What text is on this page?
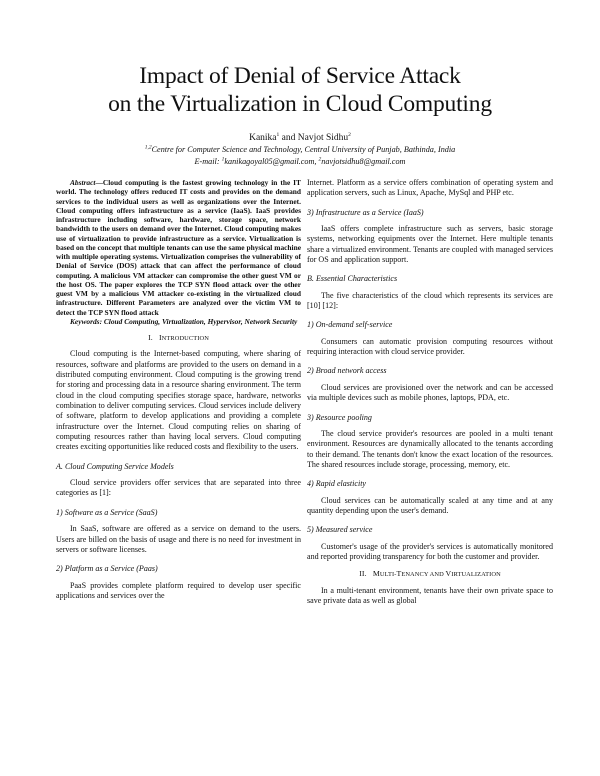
Impact of Denial of Service Attack
on the Virtualization in Cloud Computing
Kanika$^1$ and Navjot Sidhu$^2$
$^{1,2}$Centre for Computer Science and Technology, Central University of Punjab, Bathinda, India
E-mail: $^1$kanikagoyal05@gmail.com, $^2$navjotsidhu8@gmail.com

Abstract—Cloud computing is the fastest growing technology in the IT world. The technology offers reduced IT costs and provides on the demand services to the individual users as well as organizations over the Internet. Cloud computing offers infrastructure as a service (IaaS). IaaS provides infrastructure including software, hardware, storage space, network bandwidth to the users on demand over the Internet. Cloud computing makes use of virtualization to provide infrastructure as a service. Virtualization is based on the concept that multiple tenants can use the same physical machine with multiple operating systems. Virtualization comprises the vulnerability of Denial of Service (DOS) attack that can affect the performance of cloud computing. A malicious VM attacker can compromise the other guest VM or the host OS. The paper explores the TCP SYN flood attack over the other guest VM by a malicious VM attacker co-existing in the virtualized cloud infrastructure. Different Parameters are analyzed over the victim VM to detect the TCP SYN flood attack

Keywords: Cloud Computing, Virtualization, Hypervisor, Network Security

I. INTRODUCTION

Cloud computing is the Internet-based computing, where sharing of resources, software and platforms are provided to the users on demand in a distributed computing environment. Cloud computing is the growing trend for storing and processing data in a resource sharing environment. The term cloud in the cloud computing specifies storage space, hardware, networks combination to deliver computing services. Cloud services include delivery of software, platform to develop applications and providing a complete infrastructure over the Internet. Cloud computing relies on sharing of computing resources rather than having local servers. Cloud computing creates exciting opportunities like reduced costs and flexibility to the users.

A. Cloud Computing Service Models

Cloud service providers offer services that are separated into three categories as [1]:

1) Software as a Service (SaaS)

In SaaS, software are offered as a service on demand to the users. Users are billed on the basis of usage and there is no need for investment in servers or software licenses.

2) Platform as a Service (Paas)

PaaS provides complete platform required to develop user specific applications and services over the

Internet. Platform as a service offers combination of operating system and application servers, such as Linux, Apache, MySql and PHP etc.

3) Infrastructure as a Service (IaaS)

IaaS offers complete infrastructure such as servers, basic storage systems, networking equipments over the Internet. Here multiple tenants share a virtualized environment. Tenants are coupled with managed services for OS and application support.

B. Essential Characteristics

The five characteristics of the cloud which represents its services are [10] [12]:

1) On-demand self-service

Consumers can automatic provision computing resources without requiring interaction with cloud service provider.

2) Broad network access

Cloud services are provisioned over the network and can be accessed via multiple devices such as mobile phones, laptops, PDA, etc.

3) Resource pooling

The cloud service provider's resources are pooled in a multi tenant environment. Resources are dynamically allocated to the tenants according to their demand. The tenants don't know the exact location of the resources. The shared resources include storage, processing, memory, etc.

4) Rapid elasticity

Cloud services can be automatically scaled at any time and at any quantity depending upon the user's demand.

5) Measured service

Customer's usage of the provider's services is automatically monitored and reported providing transparency for both the customer and provider.

II. MULTI-TENANCY AND VIRTUALIZATION

In a multi-tenant environment, tenants have their own private space to save private data as well as global
